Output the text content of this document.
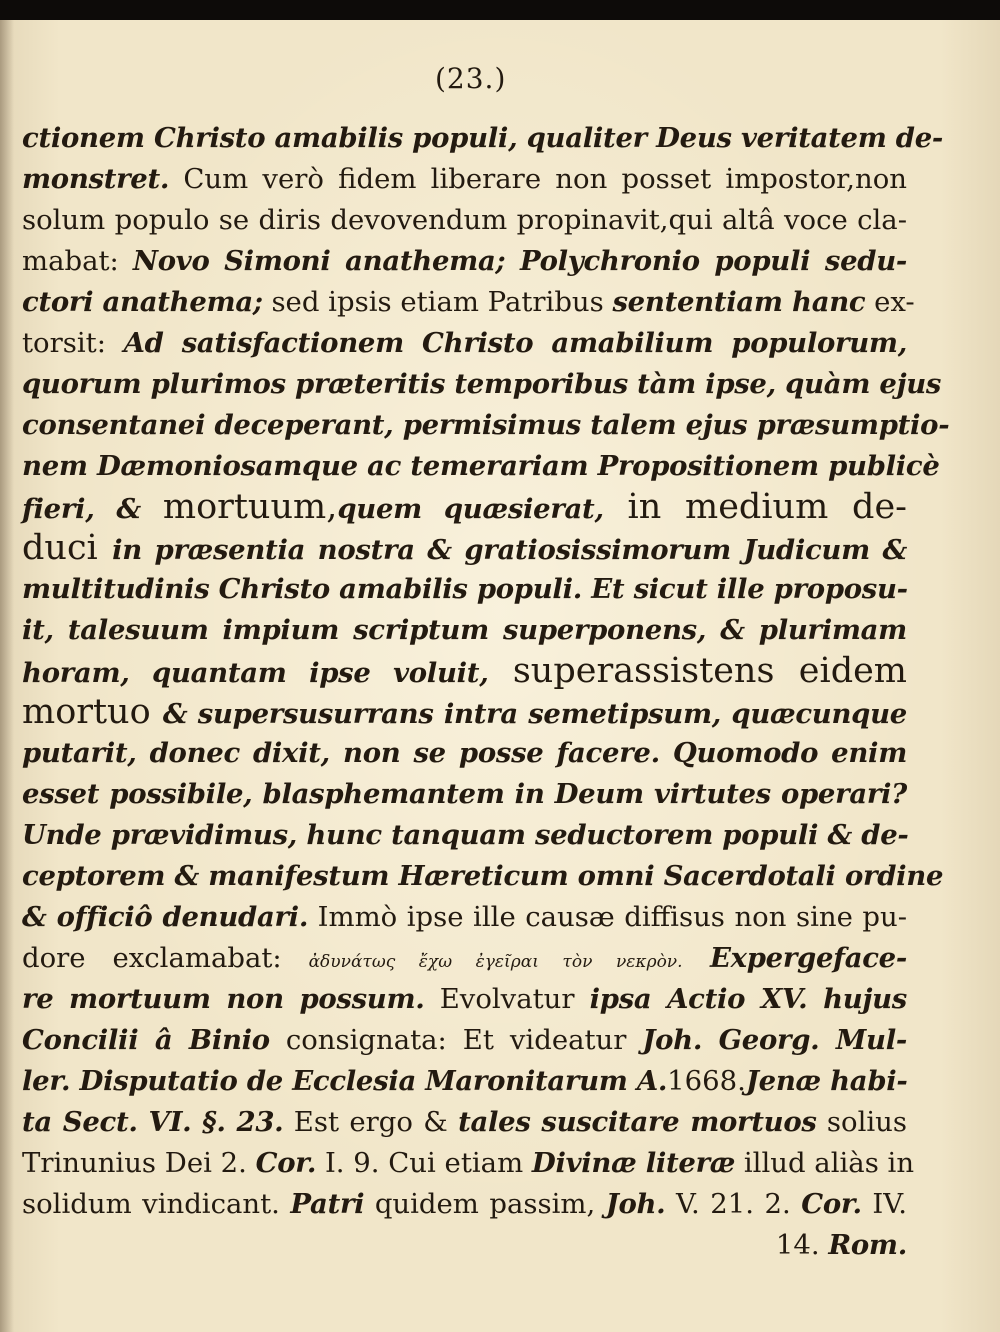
(23.)
ctionem Christo amabilis populi, qualiter Deus veritatem de-
monstret. Cum verò fidem liberare non posset impostor,non
solum populo se diris devovendum propinavit,qui altâ voce cla-
mabat: Novo Simoni anathema; Polychronio populi sedu-
ctori anathema; sed ipsis etiam Patribus sententiam hanc ex-
torsit: Ad satisfactionem Christo amabilium populorum,
quorum plurimos præteritis temporibus tàm ipse, quàm ejus
consentanei deceperant, permisimus talem ejus præsumptio-
nem Dæmoniosamque ac temerariam Propositionem publicè
fieri, & mortuum,quem quæsierat, in medium de-
duci in præsentia nostra & gratiosissimorum Judicum &
multitudinis Christo amabilis populi. Et sicut ille proposu-
it, talesuum impium scriptum superponens, & plurimam
horam, quantam ipse voluit, superassistens eidem
mortuo & supersusurrans intra semetipsum, quæcunque
putarit, donec dixit, non se posse facere. Quomodo enim
esset possibile, blasphemantem in Deum virtutes operari?
Unde prævidimus, hunc tanquam seductorem populi & de-
ceptorem & manifestum Hæreticum omni Sacerdotali ordine
& officiô denudari. Immò ipse ille causæ diffisus non sine pu-
dore exclamabat: ἀδυνάτως ἔχω ἐγεῖραι τὸν νεκρὸν. Expergeface-
re mortuum non possum. Evolvatur ipsa Actio XV. hujus
Concilii â Binio consignata: Et videatur Joh. Georg. Mul-
ler. Disputatio de Ecclesia Maronitarum A.1668.Jenæ habi-
ta Sect. VI. §. 23. Est ergo & tales suscitare mortuos solius
Trinunius Dei 2. Cor. I. 9. Cui etiam Divinæ literæ illud aliàs in
solidum vindicant. Patri quidem passim, Joh. V. 21. 2. Cor. IV.
14. Rom.
